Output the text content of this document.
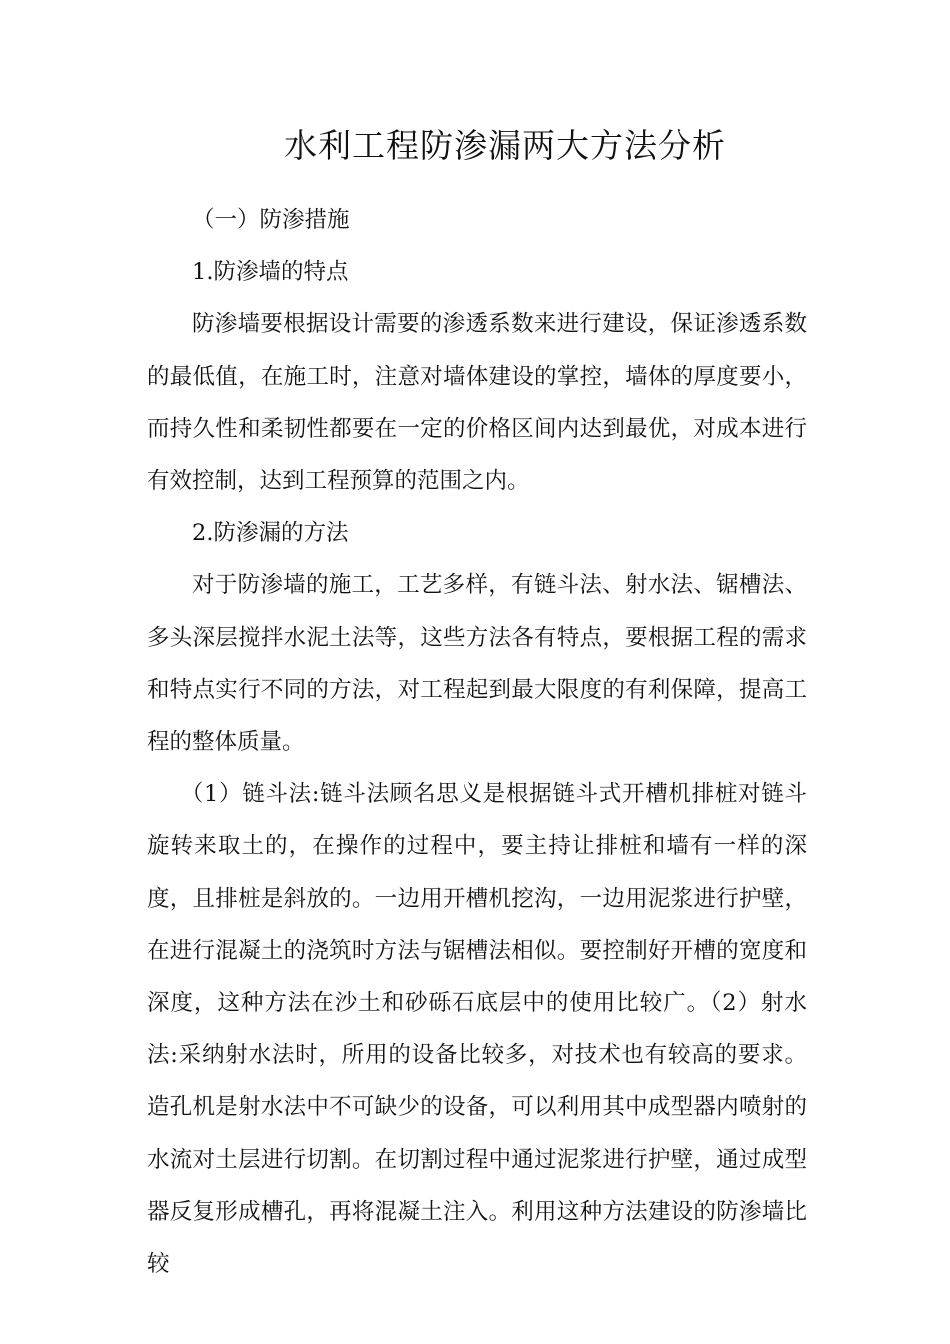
水利工程防渗漏两大方法分析

（一）防渗措施

1.防渗墙的特点

防渗墙要根据设计需要的渗透系数来进行建设，保证渗透系数的最低值，在施工时，注意对墙体建设的掌控，墙体的厚度要小，而持久性和柔韧性都要在一定的价格区间内达到最优，对成本进行有效控制，达到工程预算的范围之内。

2.防渗漏的方法

对于防渗墙的施工，工艺多样，有链斗法、射水法、锯槽法、多头深层搅拌水泥土法等，这些方法各有特点，要根据工程的需求和特点实行不同的方法，对工程起到最大限度的有利保障，提高工程的整体质量。

（1）链斗法:链斗法顾名思义是根据链斗式开槽机排桩对链斗旋转来取土的，在操作的过程中，要主持让排桩和墙有一样的深度，且排桩是斜放的。一边用开槽机挖沟，一边用泥浆进行护壁，在进行混凝土的浇筑时方法与锯槽法相似。要控制好开槽的宽度和深度，这种方法在沙土和砂砾石底层中的使用比较广。（2）射水法:采纳射水法时，所用的设备比较多，对技术也有较高的要求。造孔机是射水法中不可缺少的设备，可以利用其中成型器内喷射的水流对土层进行切割。在切割过程中通过泥浆进行护壁，通过成型器反复形成槽孔，再将混凝土注入。利用这种方法建设的防渗墙比较
